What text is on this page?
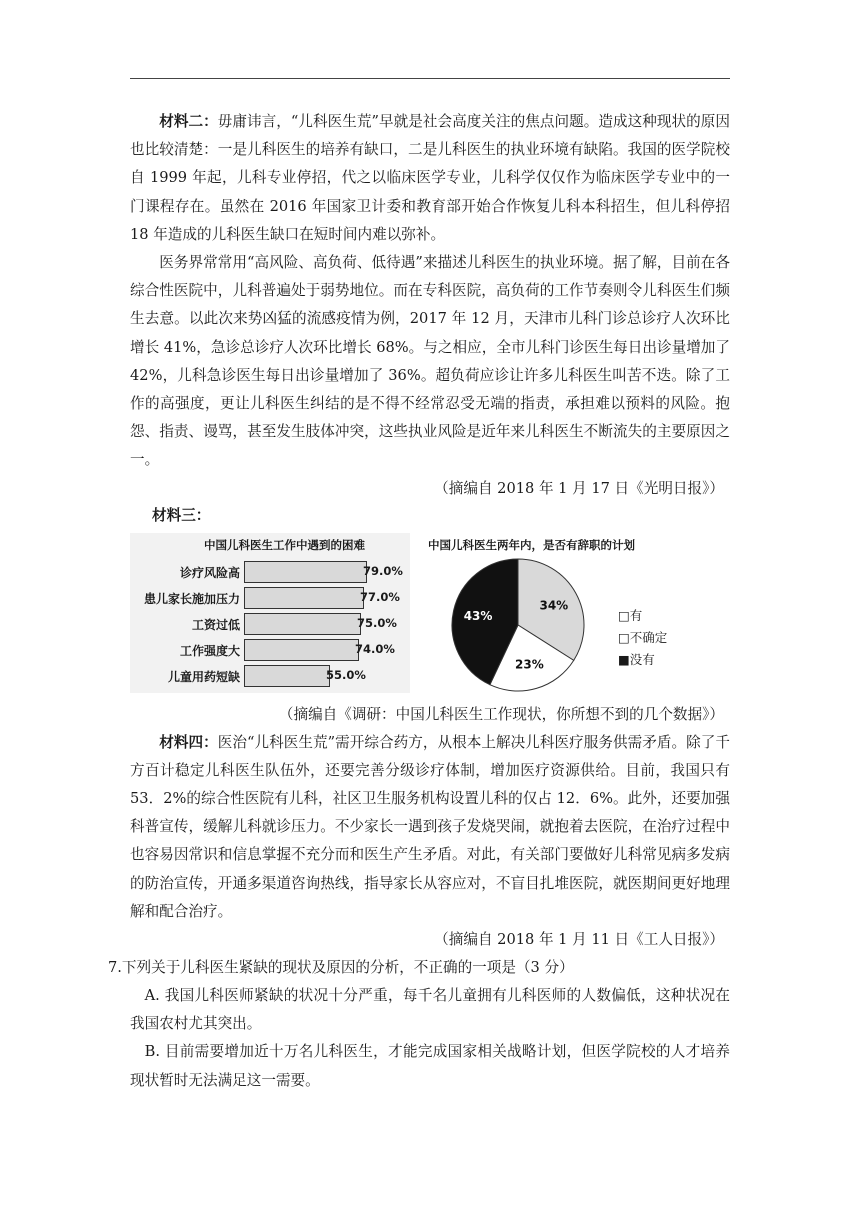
材料二：毋庸讳言，“儿科医生荒”早就是社会高度关注的焦点问题。造成这种现状的原因也比较清楚：一是儿科医生的培养有缺口，二是儿科医生的执业环境有缺陷。我国的医学院校自 1999 年起，儿科专业停招，代之以临床医学专业，儿科学仅仅作为临床医学专业中的一门课程存在。虽然在 2016 年国家卫计委和教育部开始合作恢复儿科本科招生，但儿科停招 18 年造成的儿科医生缺口在短时间内难以弥补。

医务界常常用“高风险、高负荷、低待遇”来描述儿科医生的执业环境。据了解，目前在各综合性医院中，儿科普遍处于弱势地位。而在专科医院，高负荷的工作节奏则令儿科医生们频生去意。以此次来势凶猛的流感疫情为例，2017 年 12 月，天津市儿科门诊总诊疗人次环比增长 41%，急诊总诊疗人次环比增长 68%。与之相应，全市儿科门诊医生每日出诊量增加了 42%，儿科急诊医生每日出诊量增加了 36%。超负荷应诊让许多儿科医生叫苦不迭。除了工作的高强度，更让儿科医生纠结的是不得不经常忍受无端的指责，承担难以预料的风险。抱怨、指责、谩骂，甚至发生肢体冲突，这些执业风险是近年来儿科医生不断流失的主要原因之一。

（摘编自 2018 年 1 月 17 日《光明日报》）

材料三：
中国儿科医生工作中遇到的困难
诊疗风险高	79.0%
患儿家长施加压力	77.0%
工资过低	75.0%
工作强度大	74.0%
儿童用药短缺	55.0%
中国儿科医生两年内，是否有辞职的计划
34%
23%
43%	□有
□不确定
■没有

（摘编自《调研：中国儿科医生工作现状，你所想不到的几个数据》）

材料四：医治“儿科医生荒”需开综合药方，从根本上解决儿科医疗服务供需矛盾。除了千方百计稳定儿科医生队伍外，还要完善分级诊疗体制，增加医疗资源供给。目前，我国只有 53．2%的综合性医院有儿科，社区卫生服务机构设置儿科的仅占 12．6%。此外，还要加强科普宣传，缓解儿科就诊压力。不少家长一遇到孩子发烧哭闹，就抱着去医院，在治疗过程中也容易因常识和信息掌握不充分而和医生产生矛盾。对此，有关部门要做好儿科常见病多发病的防治宣传，开通多渠道咨询热线，指导家长从容应对，不盲目扎堆医院，就医期间更好地理解和配合治疗。

（摘编自 2018 年 1 月 11 日《工人日报》）

7.下列关于儿科医生紧缺的现状及原因的分析，不正确的一项是（3 分）

A. 我国儿科医师紧缺的状况十分严重，每千名儿童拥有儿科医师的人数偏低，这种状况在我国农村尤其突出。

B. 目前需要增加近十万名儿科医生，才能完成国家相关战略计划，但医学院校的人才培养现状暂时无法满足这一需要。
